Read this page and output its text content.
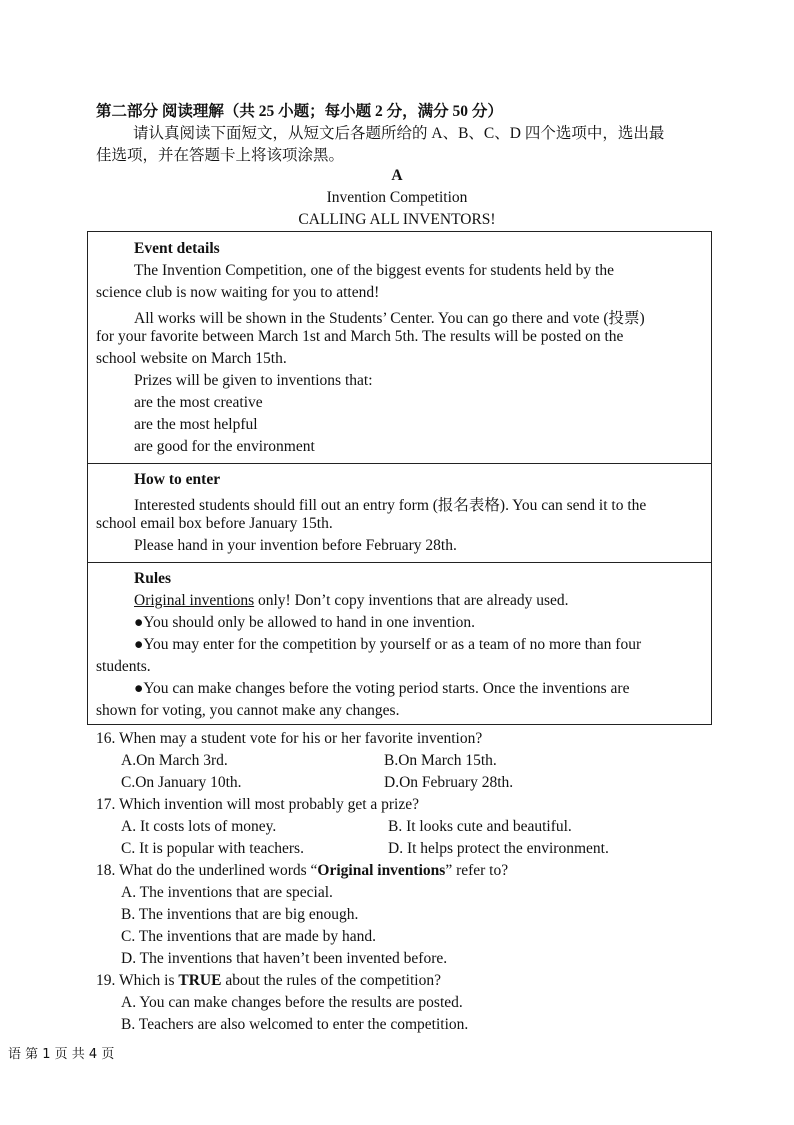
第二部分 阅读理解（共 25 小题；每小题 2 分，满分 50 分）
请认真阅读下面短文，从短文后各题所给的 A、B、C、D 四个选项中，选出最
佳选项，并在答题卡上将该项涂黑。
A
Invention Competition
CALLING ALL INVENTORS!
Event details
The Invention Competition, one of the biggest events for students held by the
science club is now waiting for you to attend!
All works will be shown in the Students’ Center. You can go there and vote (投票)
for your favorite between March 1st and March 5th. The results will be posted on the
school website on March 15th.
Prizes will be given to inventions that:
are the most creative
are the most helpful
are good for the environment
How to enter
Interested students should fill out an entry form (报名表格). You can send it to the
school email box before January 15th.
Please hand in your invention before February 28th.
Rules
Original inventions only! Don’t copy inventions that are already used.
●You should only be allowed to hand in one invention.
●You may enter for the competition by yourself or as a team of no more than four
students.
●You can make changes before the voting period starts. Once the inventions are
shown for voting, you cannot make any changes.
16. When may a student vote for his or her favorite invention?
A.On March 3rd.	B.On March 15th.
C.On January 10th.	D.On February 28th.
17. Which invention will most probably get a prize?
A. It costs lots of money.	B. It looks cute and beautiful.
C. It is popular with teachers.	D. It helps protect the environment.
18. What do the underlined words “Original inventions” refer to?
A. The inventions that are special.
B. The inventions that are big enough.
C. The inventions that are made by hand.
D. The inventions that haven’t been invented before.
19. Which is TRUE about the rules of the competition?
A. You can make changes before the results are posted.
B. Teachers are also welcomed to enter the competition.
语 第 1 页 共 4 页
